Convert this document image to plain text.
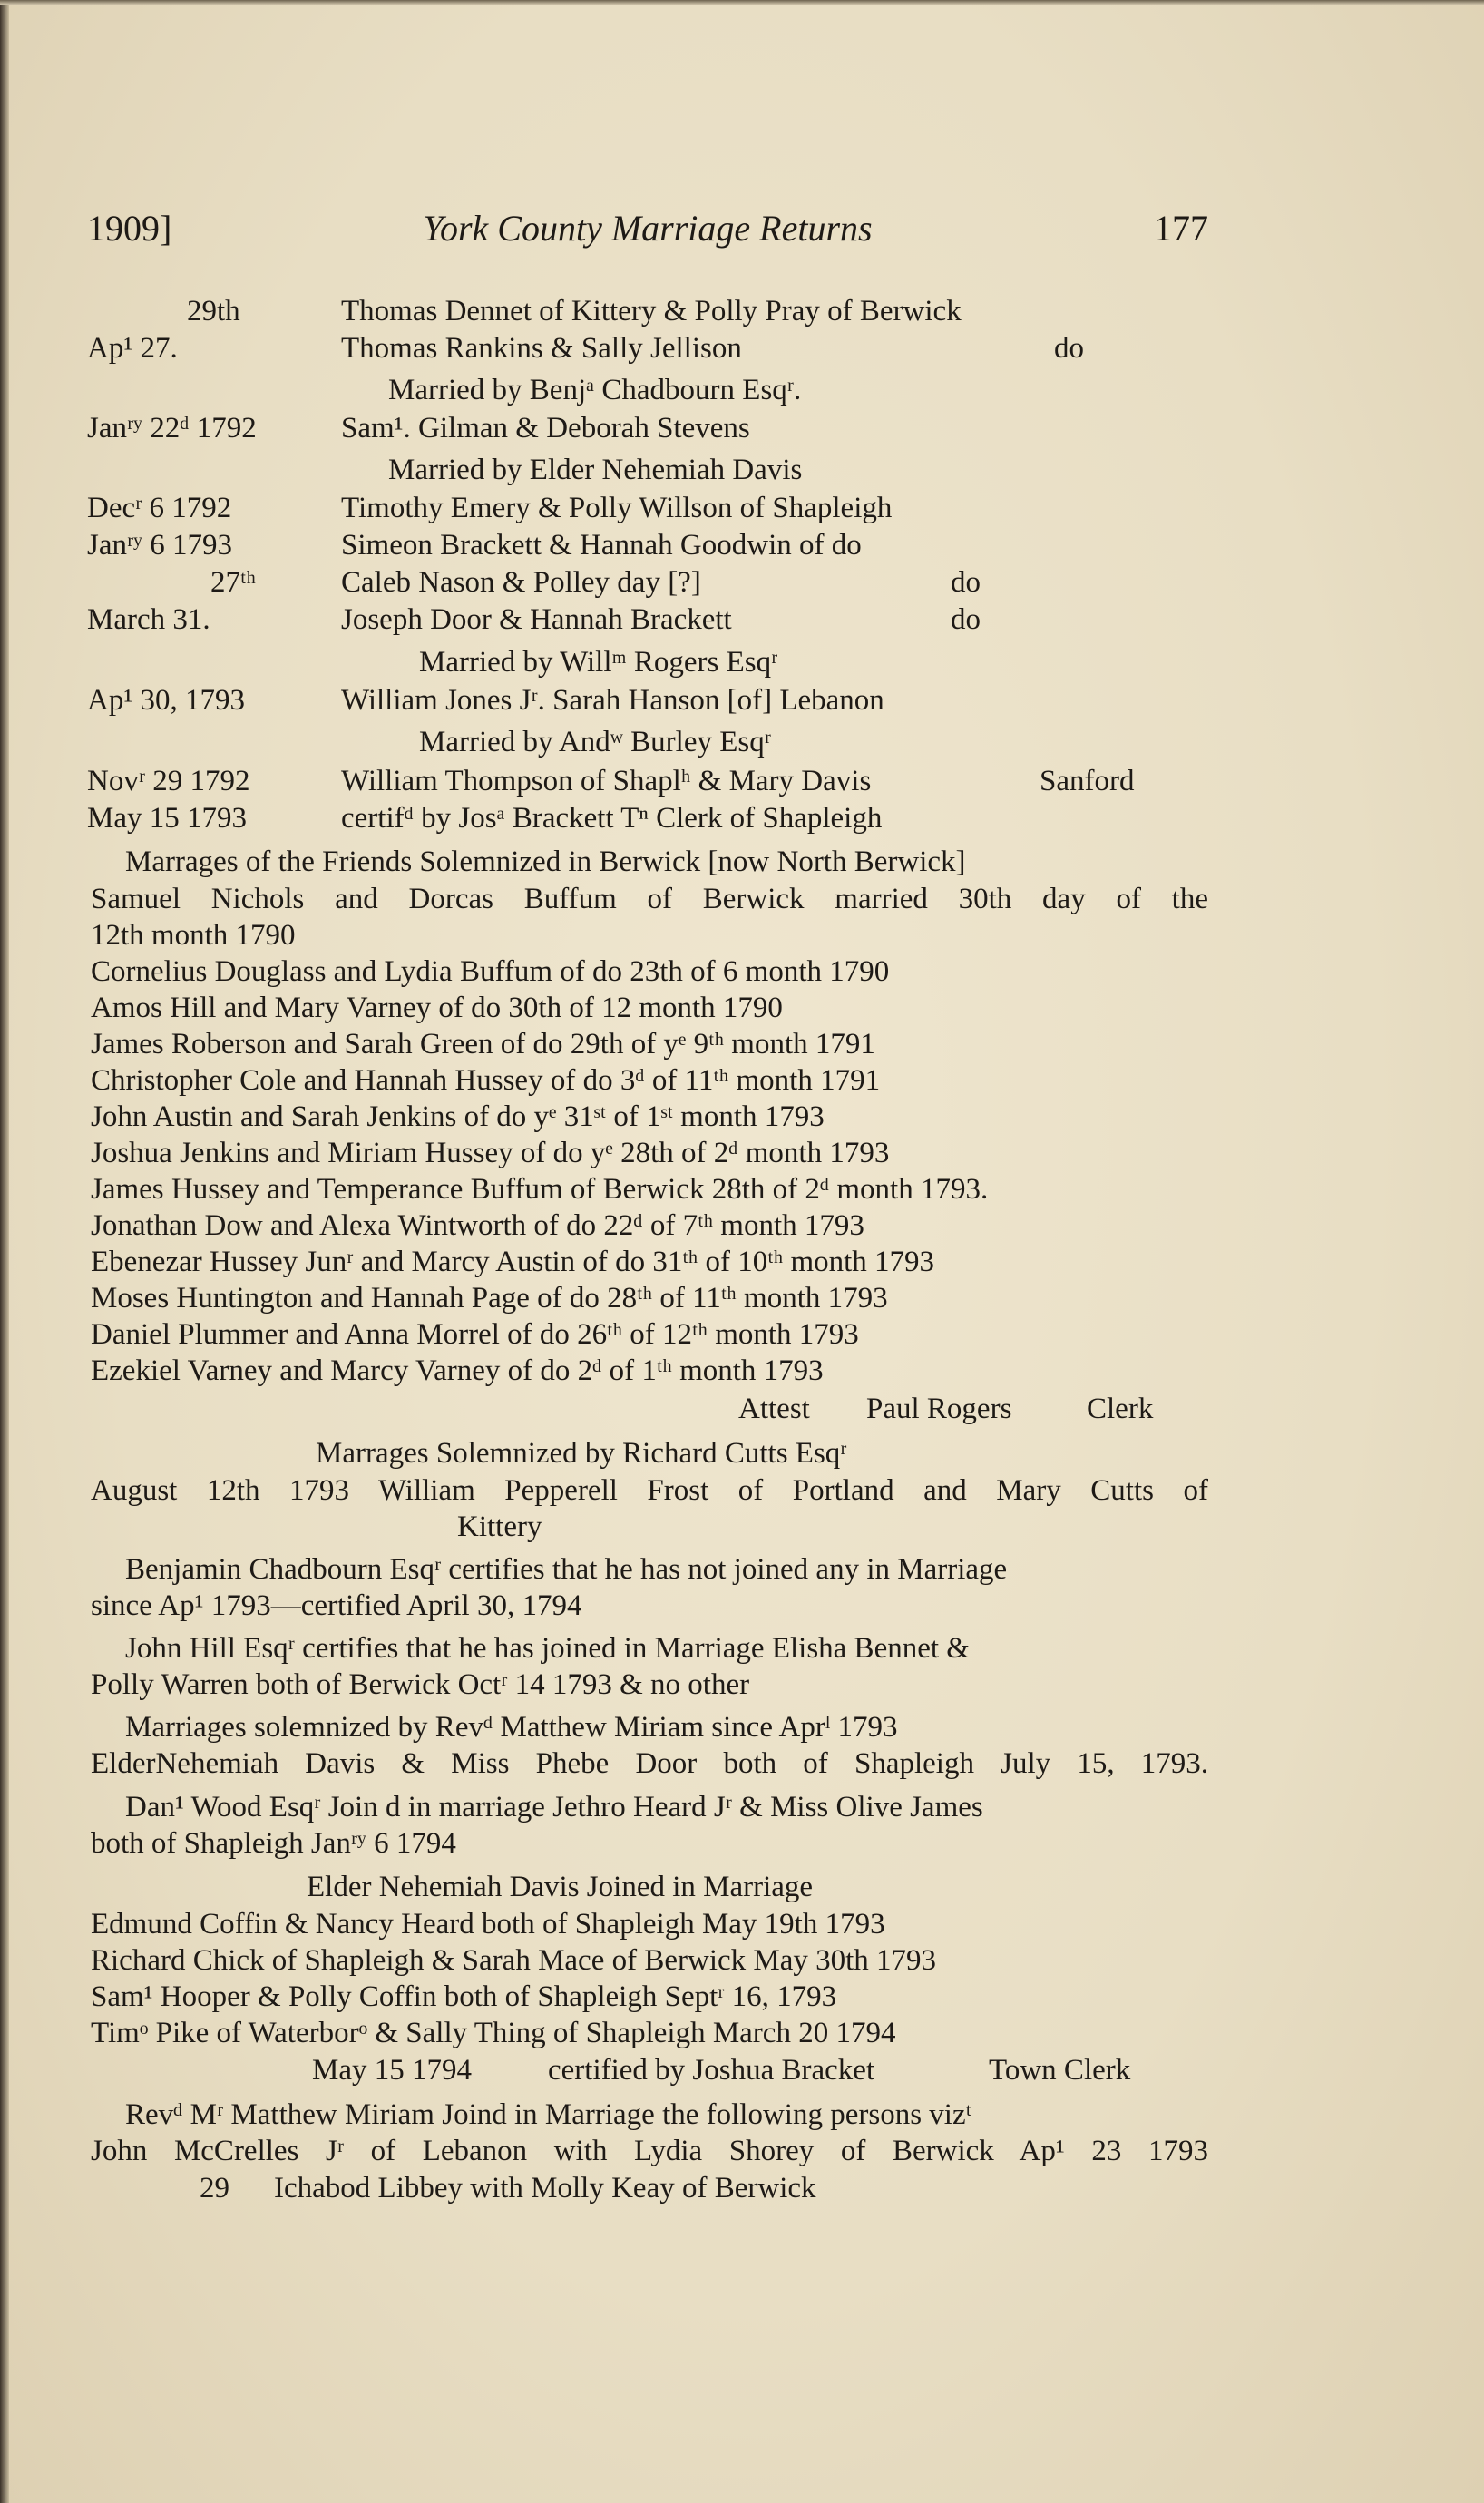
1909]	York County Marriage Returns	177
29th	Thomas Dennet of Kittery & Polly Pray of Berwick
Ap¹ 27.	Thomas Rankins & Sally Jellison	do
Married by Benjᵃ Chadbourn Esqʳ.
Janʳʸ 22ᵈ 1792	Sam¹. Gilman & Deborah Stevens
Married by Elder Nehemiah Davis
Decʳ 6 1792	Timothy Emery & Polly Willson of Shapleigh
Janʳʸ 6 1793	Simeon Brackett & Hannah Goodwin of do
27ᵗʰ	Caleb Nason & Polley day [?]	do
March 31.	Joseph Door & Hannah Brackett	do
Married by Willᵐ Rogers Esqʳ
Ap¹ 30, 1793	William Jones Jʳ. Sarah Hanson [of] Lebanon
Married by Andʷ Burley Esqʳ
Novʳ 29 1792	William Thompson of Shaplʰ & Mary Davis	Sanford
May 15 1793	certifᵈ by Josᵃ Brackett Tⁿ Clerk of Shapleigh
Marrages of the Friends Solemnized in Berwick [now North Berwick]
Samuel Nichols and Dorcas Buffum of Berwick married 30th day of the
12th month 1790
Cornelius Douglass and Lydia Buffum of do 23th of 6 month 1790
Amos Hill and Mary Varney of do 30th of 12 month 1790
James Roberson and Sarah Green of do 29th of yᵉ 9ᵗʰ month 1791
Christopher Cole and Hannah Hussey of do 3ᵈ of 11ᵗʰ month 1791
John Austin and Sarah Jenkins of do yᵉ 31ˢᵗ of 1ˢᵗ month 1793
Joshua Jenkins and Miriam Hussey of do yᵉ 28th of 2ᵈ month 1793
James Hussey and Temperance Buffum of Berwick 28th of 2ᵈ month 1793.
Jonathan Dow and Alexa Wintworth of do 22ᵈ of 7ᵗʰ month 1793
Ebenezar Hussey Junʳ and Marcy Austin of do 31ᵗʰ of 10ᵗʰ month 1793
Moses Huntington and Hannah Page of do 28ᵗʰ of 11ᵗʰ month 1793
Daniel Plummer and Anna Morrel of do 26ᵗʰ of 12ᵗʰ month 1793
Ezekiel Varney and Marcy Varney of do 2ᵈ of 1ᵗʰ month 1793
Attest Paul Rogers	Clerk
Marrages Solemnized by Richard Cutts Esqʳ
August 12th 1793 William Pepperell Frost of Portland and Mary Cutts of
Kittery
Benjamin Chadbourn Esqʳ certifies that he has not joined any in Marriage
since Ap¹ 1793—certified April 30, 1794
John Hill Esqʳ certifies that he has joined in Marriage Elisha Bennet &
Polly Warren both of Berwick Octʳ 14 1793 & no other
Marriages solemnized by Revᵈ Matthew Miriam since Aprˡ 1793
ElderNehemiah Davis & Miss Phebe Door both of Shapleigh July 15, 1793.
Dan¹ Wood Esqʳ Join d in marriage Jethro Heard Jʳ & Miss Olive James
both of Shapleigh Janʳʸ 6 1794
Elder Nehemiah Davis Joined in Marriage
Edmund Coffin & Nancy Heard both of Shapleigh May 19th 1793
Richard Chick of Shapleigh & Sarah Mace of Berwick May 30th 1793
Sam¹ Hooper & Polly Coffin both of Shapleigh Septʳ 16, 1793
Timᵒ Pike of Waterborᵒ & Sally Thing of Shapleigh March 20 1794
May 15 1794	certified by Joshua Bracket	Town Clerk
Revᵈ Mʳ Matthew Miriam Joind in Marriage the following persons vizᵗ
John McCrelles Jʳ of Lebanon with Lydia Shorey of Berwick Ap¹ 23 1793
29 Ichabod Libbey with Molly Keay of Berwick
